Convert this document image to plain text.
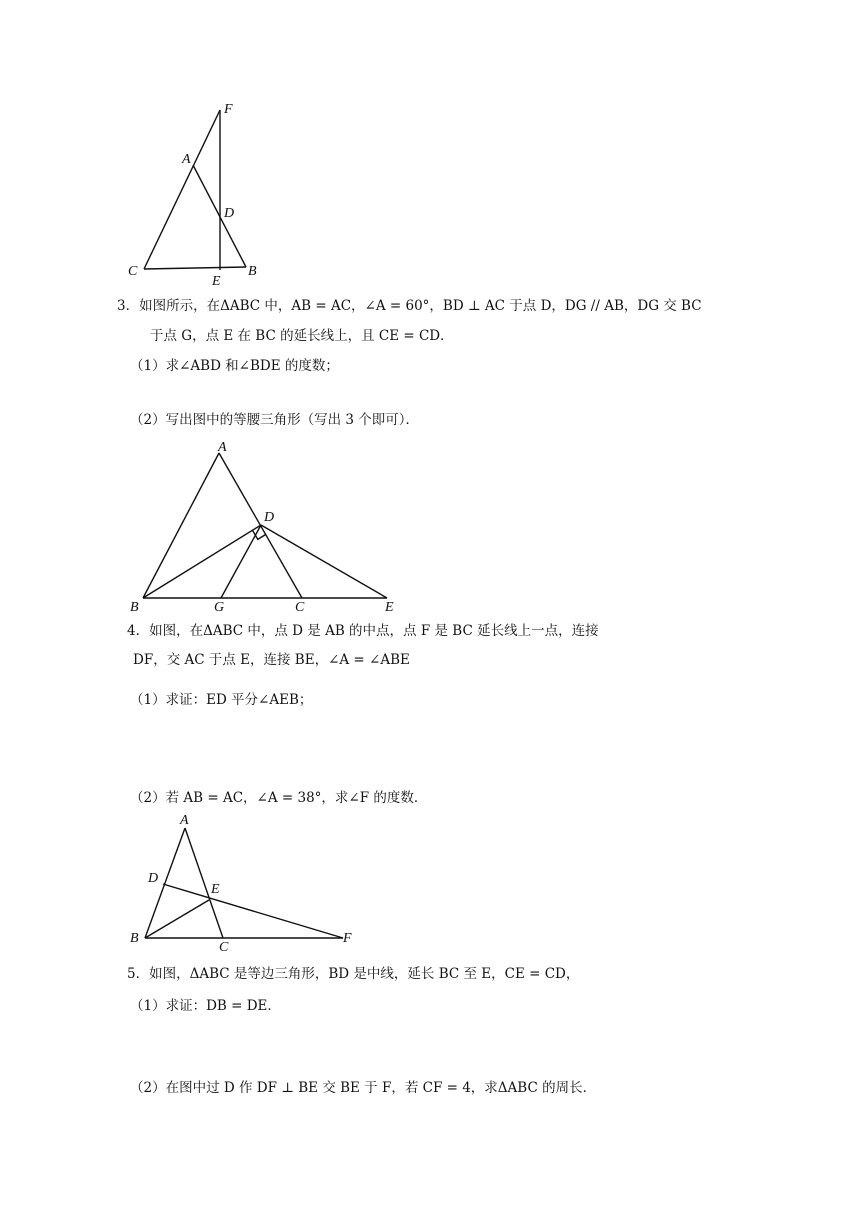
F
A
D
C
E
B
3．如图所示，在ΔABC 中，AB = AC，∠A = 60°，BD ⊥ AC 于点 D，DG // AB，DG 交 BC
于点 G，点 E 在 BC 的延长线上，且 CE = CD．
（1）求∠ABD 和∠BDE 的度数；
（2）写出图中的等腰三角形（写出 3 个即可）．
A
D
B	G	C	E
4．如图，在ΔABC 中，点 D 是 AB 的中点，点 F 是 BC 延长线上一点，连接
DF，交 AC 于点 E，连接 BE，∠A = ∠ABE
（1）求证：ED 平分∠AEB；
（2）若 AB = AC，∠A = 38°，求∠F 的度数．
A
D
E
B
C
F
5．如图，ΔABC 是等边三角形，BD 是中线，延长 BC 至 E，CE = CD，
（1）求证：DB = DE．
（2）在图中过 D 作 DF ⊥ BE 交 BE 于 F，若 CF = 4，求ΔABC 的周长．
